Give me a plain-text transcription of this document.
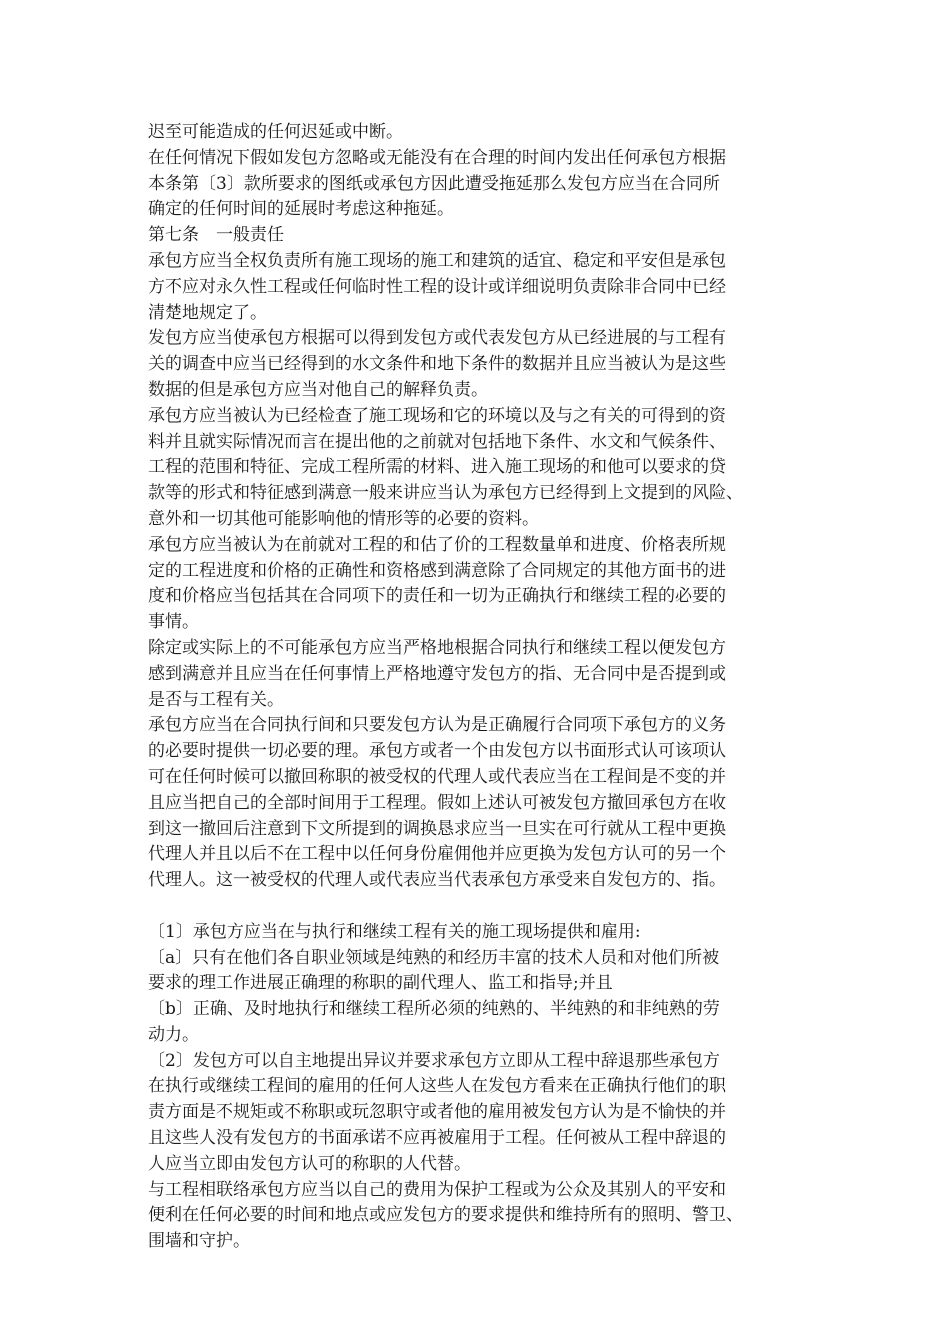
迟至可能造成的任何迟延或中断。
在任何情况下假如发包方忽略或无能没有在合理的时间内发出任何承包方根据
本条第〔3〕款所要求的图纸或承包方因此遭受拖延那么发包方应当在合同所
确定的任何时间的延展时考虑这种拖延。
第七条　一般责任
承包方应当全权负责所有施工现场的施工和建筑的适宜、稳定和平安但是承包
方不应对永久性工程或任何临时性工程的设计或详细说明负责除非合同中已经
清楚地规定了。
发包方应当使承包方根据可以得到发包方或代表发包方从已经进展的与工程有
关的调查中应当已经得到的水文条件和地下条件的数据并且应当被认为是这些
数据的但是承包方应当对他自己的解释负责。
承包方应当被认为已经检查了施工现场和它的环境以及与之有关的可得到的资
料并且就实际情况而言在提出他的之前就对包括地下条件、水文和气候条件、
工程的范围和特征、完成工程所需的材料、进入施工现场的和他可以要求的贷
款等的形式和特征感到满意一般来讲应当认为承包方已经得到上文提到的风险、
意外和一切其他可能影响他的情形等的必要的资料。
承包方应当被认为在前就对工程的和估了价的工程数量单和进度、价格表所规
定的工程进度和价格的正确性和资格感到满意除了合同规定的其他方面书的进
度和价格应当包括其在合同项下的责任和一切为正确执行和继续工程的必要的
事情。
除定或实际上的不可能承包方应当严格地根据合同执行和继续工程以便发包方
感到满意并且应当在任何事情上严格地遵守发包方的指、无合同中是否提到或
是否与工程有关。
承包方应当在合同执行间和只要发包方认为是正确履行合同项下承包方的义务
的必要时提供一切必要的理。承包方或者一个由发包方以书面形式认可该项认
可在任何时候可以撤回称职的被受权的代理人或代表应当在工程间是不变的并
且应当把自己的全部时间用于工程理。假如上述认可被发包方撤回承包方在收
到这一撤回后注意到下文所提到的调换恳求应当一旦实在可行就从工程中更换
代理人并且以后不在工程中以任何身份雇佣他并应更换为发包方认可的另一个
代理人。这一被受权的代理人或代表应当代表承包方承受来自发包方的、指。
〔1〕承包方应当在与执行和继续工程有关的施工现场提供和雇用:
〔a〕只有在他们各自职业领域是纯熟的和经历丰富的技术人员和对他们所被
要求的理工作进展正确理的称职的副代理人、监工和指导;并且
〔b〕正确、及时地执行和继续工程所必须的纯熟的、半纯熟的和非纯熟的劳
动力。
〔2〕发包方可以自主地提出异议并要求承包方立即从工程中辞退那些承包方
在执行或继续工程间的雇用的任何人这些人在发包方看来在正确执行他们的职
责方面是不规矩或不称职或玩忽职守或者他的雇用被发包方认为是不愉快的并
且这些人没有发包方的书面承诺不应再被雇用于工程。任何被从工程中辞退的
人应当立即由发包方认可的称职的人代替。
与工程相联络承包方应当以自己的费用为保护工程或为公众及其别人的平安和
便利在任何必要的时间和地点或应发包方的要求提供和维持所有的照明、警卫、
围墙和守护。
